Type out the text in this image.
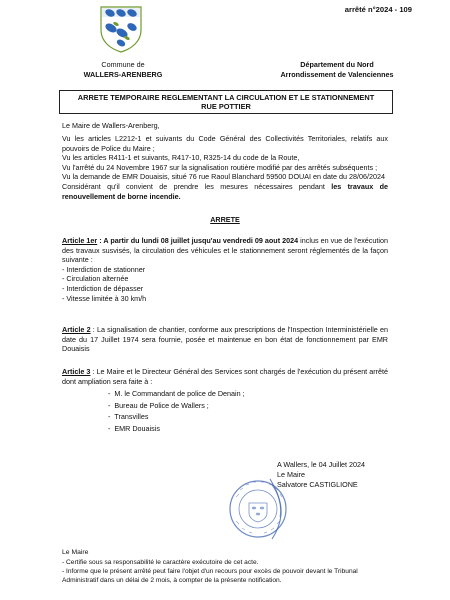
arrêté n°2024 - 109
Commune de
WALLERS-ARENBERG
Département du Nord
Arrondissement de Valenciennes
ARRETE TEMPORAIRE REGLEMENTANT LA CIRCULATION ET LE STATIONNEMENT RUE POTTIER
Le Maire de Wallers-Arenberg,
Vu les articles L2212-1 et suivants du Code Général des Collectivités Territoriales, relatifs aux pouvoirs de Police du Maire ;
Vu les articles R411-1 et suivants, R417-10, R325-14 du code de la Route,
Vu l'arrêté du 24 Novembre 1967 sur la signalisation routière modifié par des arrêtés subséquents ;
Vu la demande de EMR Douaisis, situé 76 rue Raoul Blanchard 59500 DOUAI en date du 28/06/2024
Considérant qu'il convient de prendre les mesures nécessaires pendant les travaux de renouvellement de borne incendie.
ARRETE
Article 1er : A partir du lundi 08 juillet jusqu'au vendredi 09 aout 2024 inclus en vue de l'exécution des travaux susvisés, la circulation des véhicules et le stationnement seront réglementés de la façon suivante :
- Interdiction de stationner
- Circulation alternée
- Interdiction de dépasser
- Vitesse limitée à 30 km/h
Article 2 : La signalisation de chantier, conforme aux prescriptions de l'Inspection Interministérielle en date du 17 Juillet 1974 sera fournie, posée et maintenue en bon état de fonctionnement par EMR Douaisis
Article 3 : Le Maire et le Directeur Général des Services sont chargés de l'exécution du présent arrêté dont ampliation sera faite à :
-  M. le Commandant de police de Denain ;
-  Bureau de Police de Wallers ;
-  Transvilles
-  EMR Douaisis
A Wallers, le 04 Juillet 2024
Le Maire
Salvatore CASTIGLIONE
Le Maire
- Certifie sous sa responsabilité le caractère exécutoire de cet acte.
- Informe que le présent arrêté peut faire l'objet d'un recours pour excès de pouvoir devant le Tribunal Administratif dans un délai de 2 mois, à compter de la présente notification.
